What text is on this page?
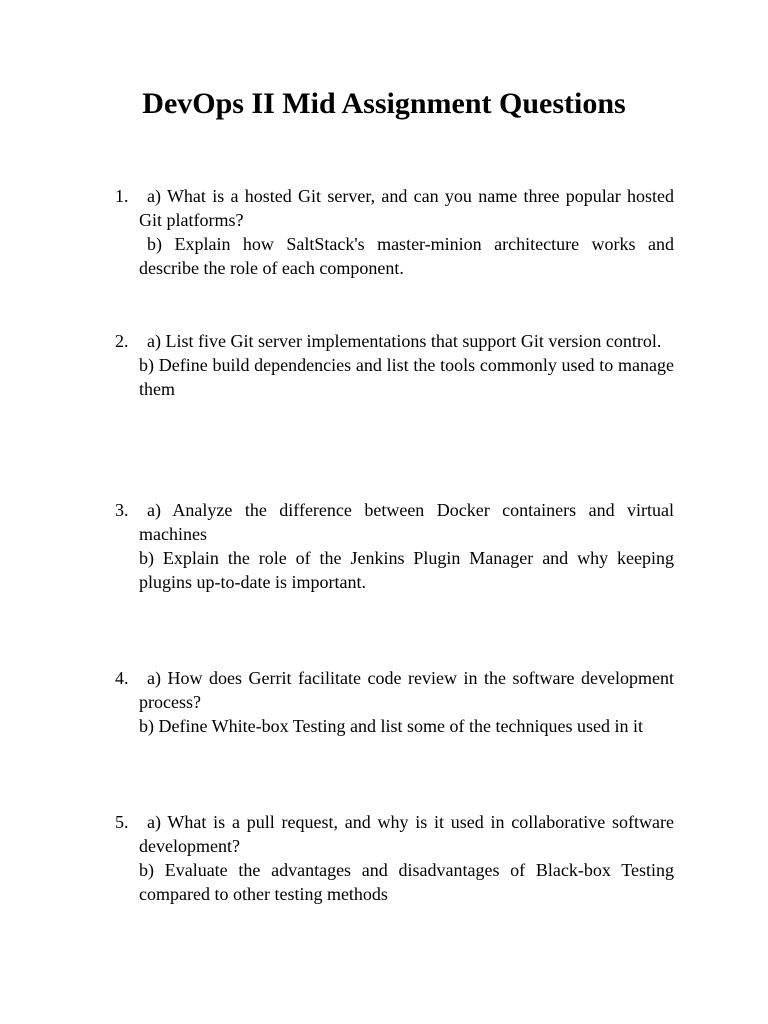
DevOps II Mid Assignment Questions
1.	a) What is a hosted Git server, and can you name three popular hosted Git platforms?
b) Explain how SaltStack's master-minion architecture works and describe the role of each component.
2.	a) List five Git server implementations that support Git version control.
b) Define build dependencies and list the tools commonly used to manage them
3.	a) Analyze the difference between Docker containers and virtual machines
b) Explain the role of the Jenkins Plugin Manager and why keeping plugins up-to-date is important.
4.	a) How does Gerrit facilitate code review in the software development process?
b) Define White-box Testing and list some of the techniques used in it
5.	a) What is a pull request, and why is it used in collaborative software development?
b) Evaluate the advantages and disadvantages of Black-box Testing compared to other testing methods
